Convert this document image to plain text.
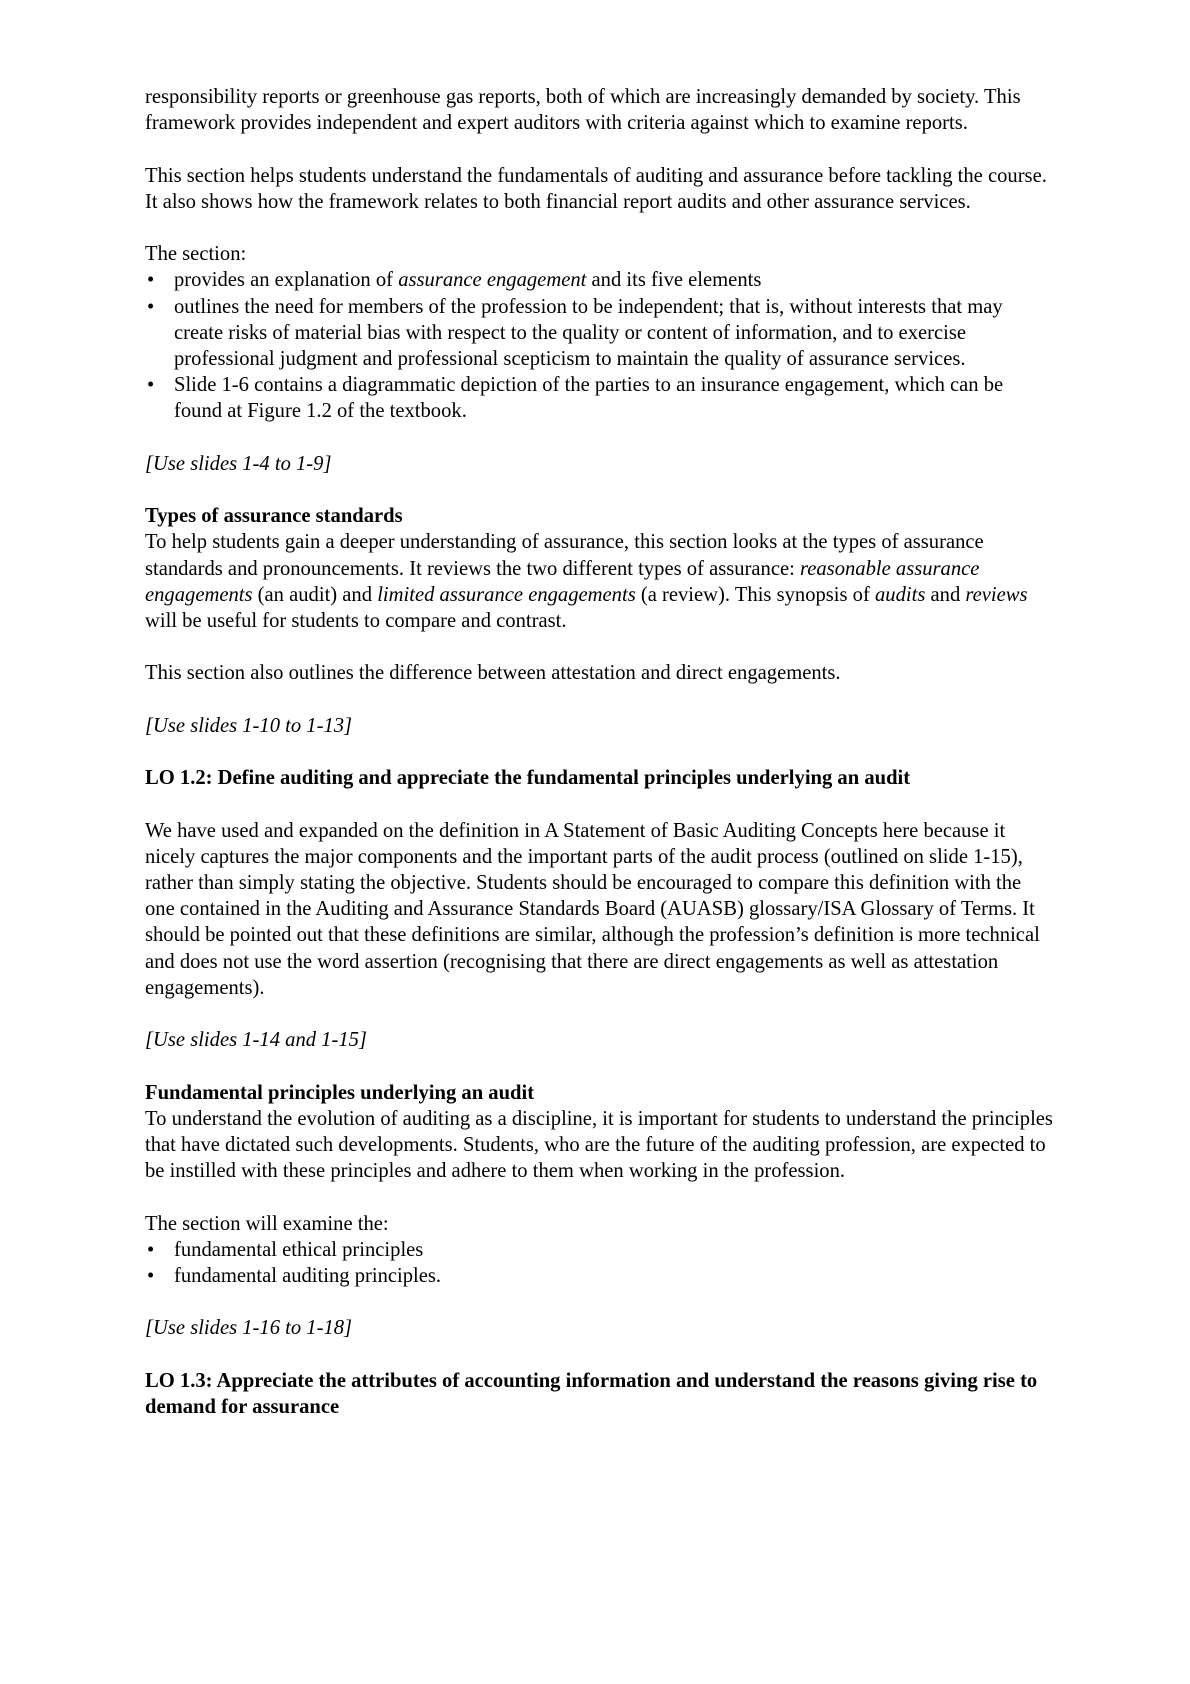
responsibility reports or greenhouse gas reports, both of which are increasingly demanded by society. This framework provides independent and expert auditors with criteria against which to examine reports.

This section helps students understand the fundamentals of auditing and assurance before tackling the course. It also shows how the framework relates to both financial report audits and other assurance services.

The section:

• provides an explanation of assurance engagement and its five elements
• outlines the need for members of the profession to be independent; that is, without interests that may create risks of material bias with respect to the quality or content of information, and to exercise professional judgment and professional scepticism to maintain the quality of assurance services.
• Slide 1-6 contains a diagrammatic depiction of the parties to an insurance engagement, which can be found at Figure 1.2 of the textbook.

[Use slides 1-4 to 1-9]

Types of assurance standards

To help students gain a deeper understanding of assurance, this section looks at the types of assurance standards and pronouncements. It reviews the two different types of assurance: reasonable assurance engagements (an audit) and limited assurance engagements (a review). This synopsis of audits and reviews will be useful for students to compare and contrast.

This section also outlines the difference between attestation and direct engagements.

[Use slides 1-10 to 1-13]

LO 1.2: Define auditing and appreciate the fundamental principles underlying an audit

We have used and expanded on the definition in A Statement of Basic Auditing Concepts here because it nicely captures the major components and the important parts of the audit process (outlined on slide 1-15), rather than simply stating the objective. Students should be encouraged to compare this definition with the one contained in the Auditing and Assurance Standards Board (AUASB) glossary/ISA Glossary of Terms. It should be pointed out that these definitions are similar, although the profession’s definition is more technical and does not use the word assertion (recognising that there are direct engagements as well as attestation engagements).

[Use slides 1-14 and 1-15]

Fundamental principles underlying an audit

To understand the evolution of auditing as a discipline, it is important for students to understand the principles that have dictated such developments. Students, who are the future of the auditing profession, are expected to be instilled with these principles and adhere to them when working in the profession.

The section will examine the:

• fundamental ethical principles
• fundamental auditing principles.

[Use slides 1-16 to 1-18]

LO 1.3: Appreciate the attributes of accounting information and understand the reasons giving rise to demand for assurance
